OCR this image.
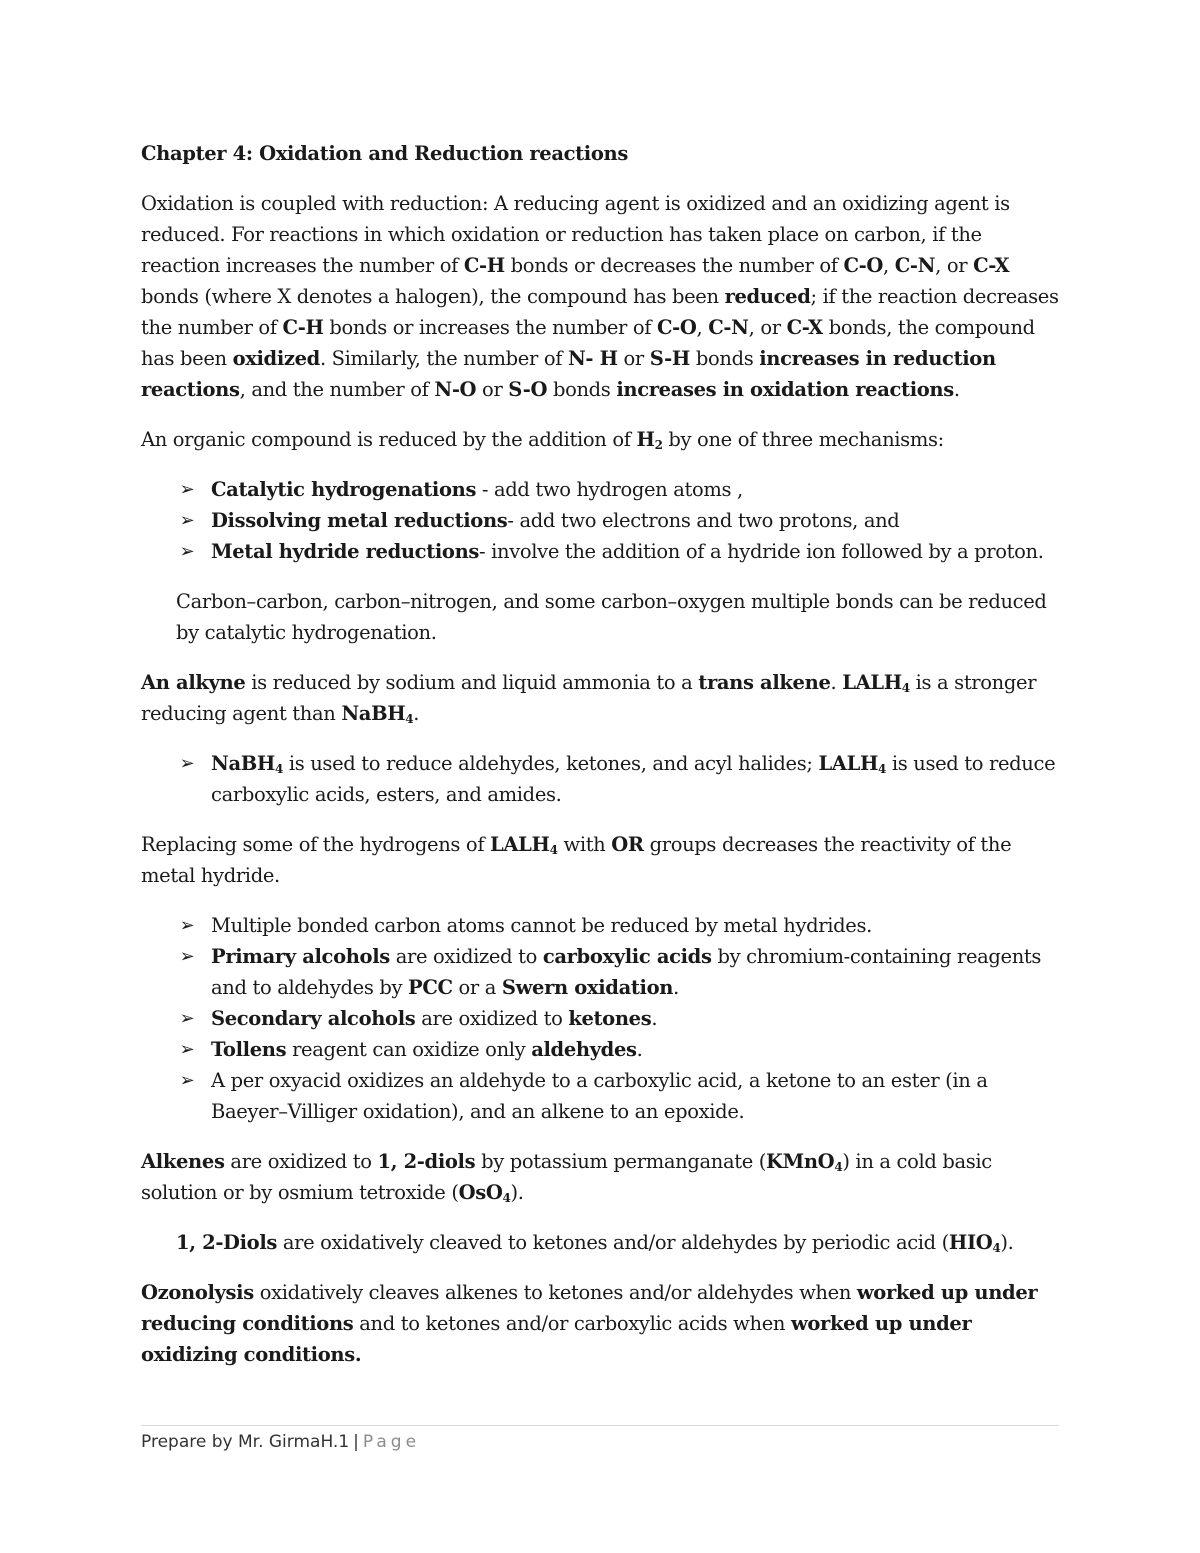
Chapter 4: Oxidation and Reduction reactions

Oxidation is coupled with reduction: A reducing agent is oxidized and an oxidizing agent is reduced. For reactions in which oxidation or reduction has taken place on carbon, if the reaction increases the number of C-H bonds or decreases the number of C-O, C-N, or C-X bonds (where X denotes a halogen), the compound has been reduced; if the reaction decreases the number of C-H bonds or increases the number of C-O, C-N, or C-X bonds, the compound has been oxidized. Similarly, the number of N- H or S-H bonds increases in reduction reactions, and the number of N-O or S-O bonds increases in oxidation reactions.

An organic compound is reduced by the addition of $H_2$ by one of three mechanisms:

➢ Catalytic hydrogenations - add two hydrogen atoms ,
➢ Dissolving metal reductions- add two electrons and two protons, and
➢ Metal hydride reductions- involve the addition of a hydride ion followed by a proton.

Carbon–carbon, carbon–nitrogen, and some carbon–oxygen multiple bonds can be reduced by catalytic hydrogenation.

An alkyne is reduced by sodium and liquid ammonia to a trans alkene. $LALH_4$ is a stronger reducing agent than NaBH$_4$.

➢ NaBH$_4$ is used to reduce aldehydes, ketones, and acyl halides; $LALH_4$ is used to reduce carboxylic acids, esters, and amides.

Replacing some of the hydrogens of $LALH_4$ with OR groups decreases the reactivity of the metal hydride.

➢ Multiple bonded carbon atoms cannot be reduced by metal hydrides.
➢ Primary alcohols are oxidized to carboxylic acids by chromium-containing reagents and to aldehydes by PCC or a Swern oxidation.
➢ Secondary alcohols are oxidized to ketones.
➢ Tollens reagent can oxidize only aldehydes.
➢ A per oxyacid oxidizes an aldehyde to a carboxylic acid, a ketone to an ester (in a Baeyer–Villiger oxidation), and an alkene to an epoxide.

Alkenes are oxidized to 1, 2-diols by potassium permanganate (KMnO$_4$) in a cold basic solution or by osmium tetroxide (OsO$_4$).

1, 2-Diols are oxidatively cleaved to ketones and/or aldehydes by periodic acid $(HIO_4)$.

Ozonolysis oxidatively cleaves alkenes to ketones and/or aldehydes when worked up under reducing conditions and to ketones and/or carboxylic acids when worked up under oxidizing conditions.

Prepare by Mr. GirmaH.1 | Page
